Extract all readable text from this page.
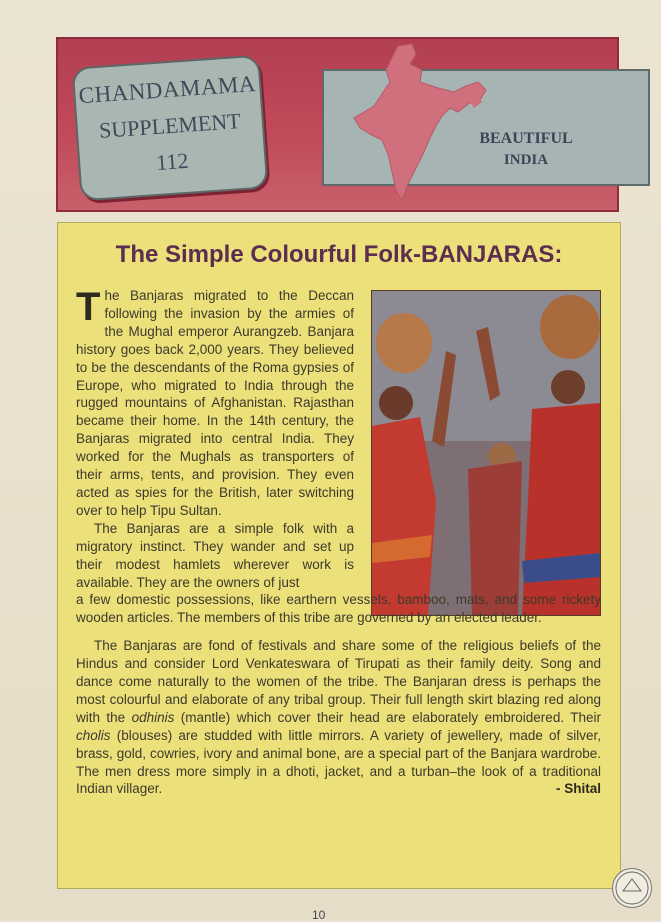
CHANDAMAMA
SUPPLEMENT
112
BEAUTIFUL
INDIA
The Simple Colourful Folk-BANJARAS:
The Banjaras migrated to the Deccan following the invasion by the armies of the Mughal emperor Aurangzeb. Banjara history goes back 2,000 years. They believed to be the descendants of the Roma gypsies of Europe, who migrated to India through the rugged mountains of Afghanistan. Rajasthan became their home. In the 14th century, the Banjaras migrated into central India. They worked for the Mughals as transporters of their arms, tents, and provision. They even acted as spies for the British, later switching over to help Tipu Sultan.
The Banjaras are a simple folk with a migratory instinct. They wander and set up their modest hamlets wherever work is available. They are the owners of just
a few domestic possessions, like earthern vessels, bamboo, mats, and some rickety wooden articles. The members of this tribe are governed by an elected leader.
The Banjaras are fond of festivals and share some of the religious beliefs of the Hindus and consider Lord Venkateswara of Tirupati as their family deity. Song and dance come naturally to the women of the tribe. The Banjaran dress is perhaps the most colourful and elaborate of any tribal group. Their full length skirt blazing red along with the odhinis (mantle) which cover their head are elaborately embroidered. Their cholis (blouses) are studded with little mirrors. A variety of jewellery, made of silver, brass, gold, cowries, ivory and animal bone, are a special part of the Banjara wardrobe. The men dress more simply in a dhoti, jacket, and a turban–the look of a traditional Indian villager.	- Shital
10
